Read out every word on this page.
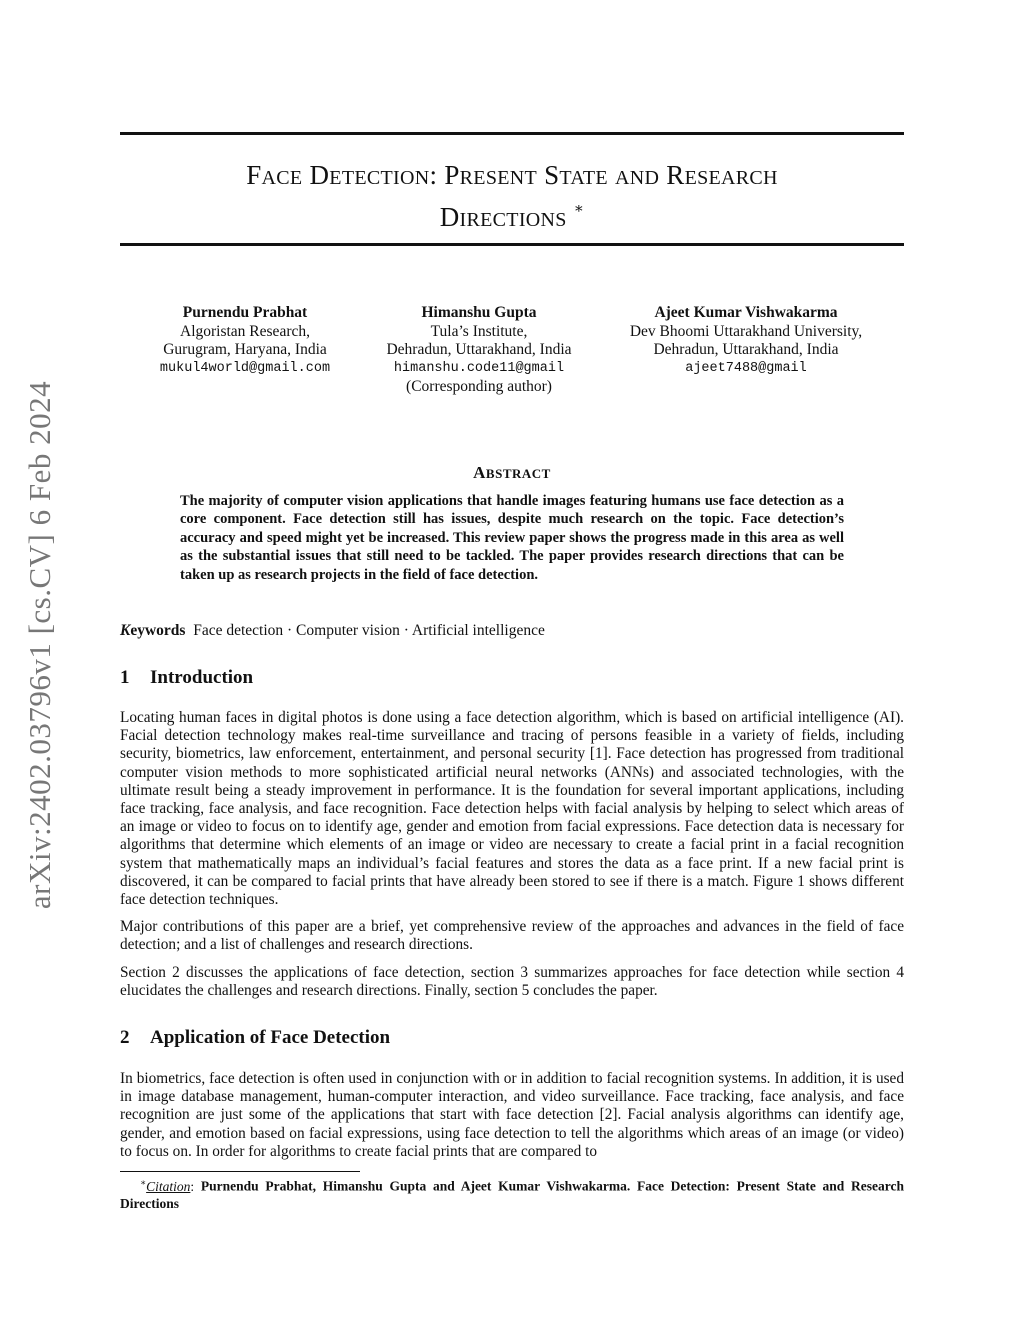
arXiv:2402.03796v1 [cs.CV] 6 Feb 2024
FACE DETECTION: PRESENT STATE AND RESEARCH
DIRECTIONS ∗
Purnendu Prabhat
Algoristan Research,
Gurugram, Haryana, India
mukul4world@gmail.com
Himanshu Gupta
Tula’s Institute,
Dehradun, Uttarakhand, India
himanshu.code11@gmail
(Corresponding author)
Ajeet Kumar Vishwakarma
Dev Bhoomi Uttarakhand University,
Dehradun, Uttarakhand, India
ajeet7488@gmail
ABSTRACT
The majority of computer vision applications that handle images featuring humans use face detection as a core component. Face detection still has issues, despite much research on the topic. Face detection’s accuracy and speed might yet be increased. This review paper shows the progress made in this area as well as the substantial issues that still need to be tackled. The paper provides research directions that can be taken up as research projects in the field of face detection.
Keywords Face detection · Computer vision · Artificial intelligence
1 Introduction
Locating human faces in digital photos is done using a face detection algorithm, which is based on artificial intelligence (AI). Facial detection technology makes real-time surveillance and tracing of persons feasible in a variety of fields, including security, biometrics, law enforcement, entertainment, and personal security [1]. Face detection has progressed from traditional computer vision methods to more sophisticated artificial neural networks (ANNs) and associated technologies, with the ultimate result being a steady improvement in performance. It is the foundation for several important applications, including face tracking, face analysis, and face recognition. Face detection helps with facial analysis by helping to select which areas of an image or video to focus on to identify age, gender and emotion from facial expressions. Face detection data is necessary for algorithms that determine which elements of an image or video are necessary to create a facial print in a facial recognition system that mathematically maps an individual’s facial features and stores the data as a face print. If a new facial print is discovered, it can be compared to facial prints that have already been stored to see if there is a match. Figure 1 shows different face detection techniques.
Major contributions of this paper are a brief, yet comprehensive review of the approaches and advances in the field of face detection; and a list of challenges and research directions.
Section 2 discusses the applications of face detection, section 3 summarizes approaches for face detection while section 4 elucidates the challenges and research directions. Finally, section 5 concludes the paper.
2 Application of Face Detection
In biometrics, face detection is often used in conjunction with or in addition to facial recognition systems. In addition, it is used in image database management, human-computer interaction, and video surveillance. Face tracking, face analysis, and face recognition are just some of the applications that start with face detection [2]. Facial analysis algorithms can identify age, gender, and emotion based on facial expressions, using face detection to tell the algorithms which areas of an image (or video) to focus on. In order for algorithms to create facial prints that are compared to
∗Citation: Purnendu Prabhat, Himanshu Gupta and Ajeet Kumar Vishwakarma. Face Detection: Present State and Research Directions
